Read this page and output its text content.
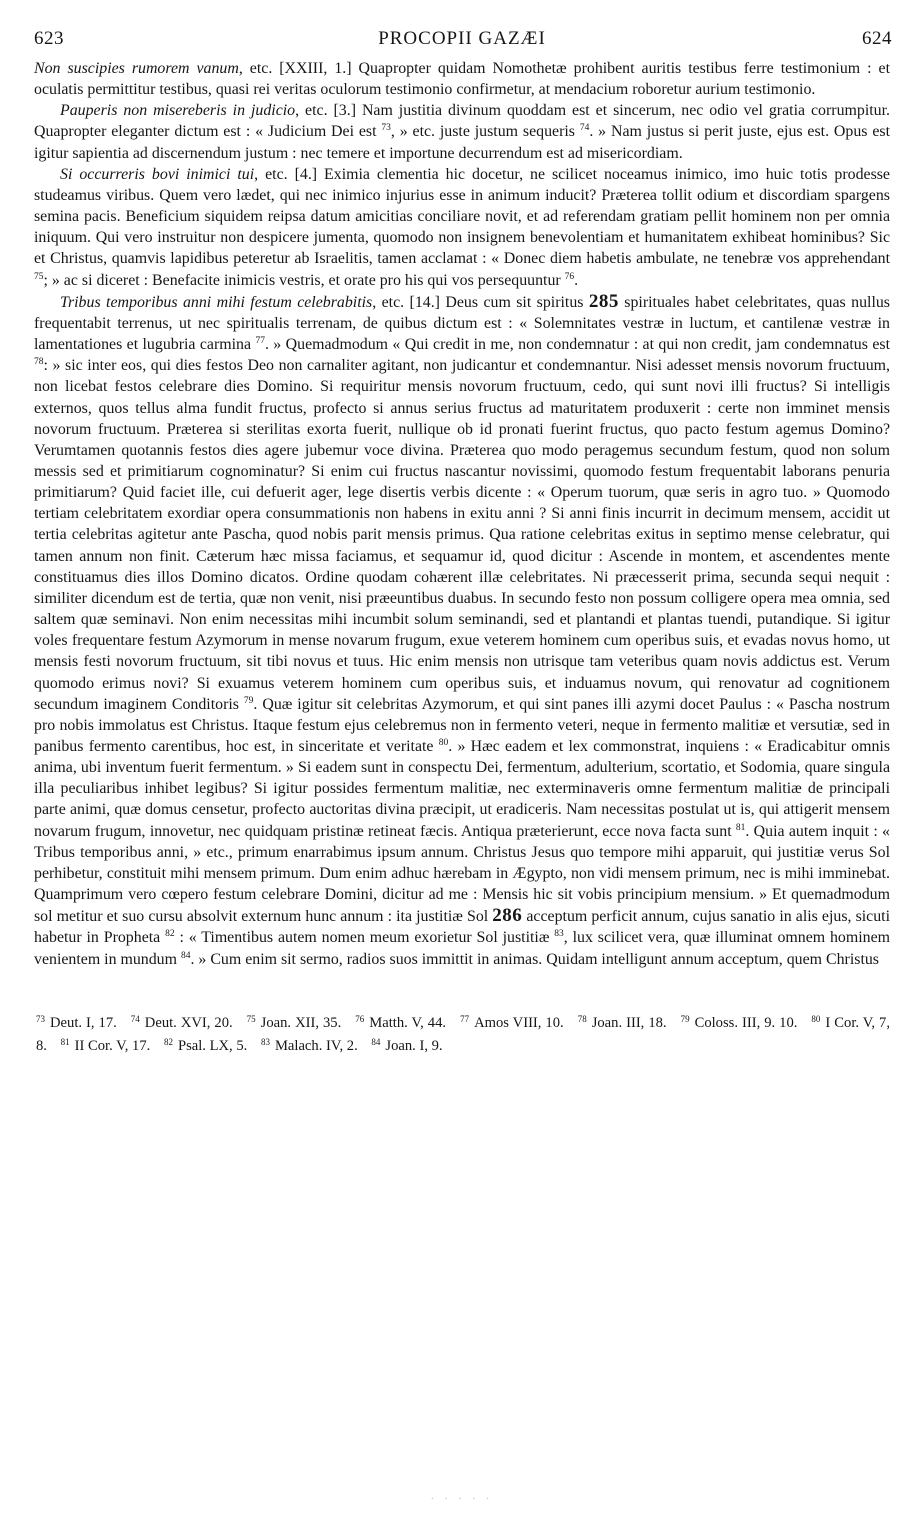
623	PROCOPII GAZÆI	624

Non suscipies rumorem vanum, etc. [XXIII, 1.] Quapropter quidam Nomothetæ prohibent auritis testibus ferre testimonium : et oculatis permittitur testibus, quasi rei veritas oculorum testimonio confirmetur, at mendacium roboretur aurium testimonio.

Pauperis non misereberis in judicio, etc. [3.] Nam justitia divinum quoddam est et sincerum, nec odio vel gratia corrumpitur. Quapropter eleganter dictum est : « Judicium Dei est $^{73}$, » etc. juste justum sequeris $^{74}$. » Nam justus si perit juste, ejus est. Opus est igitur sapientia ad discernendum justum : nec temere et importune decurrendum est ad misericordiam.

Si occurreris bovi inimici tui, etc. [4.] Eximia clementia hic docetur, ne scilicet noceamus inimico, imo huic totis prodesse studeamus viribus. Quem vero lædet, qui nec inimico injurius esse in animum inducit? Præterea tollit odium et discordiam spargens semina pacis. Beneficium siquidem reipsa datum amicitias conciliare novit, et ad referendam gratiam pellit hominem non per omnia iniquum. Qui vero instruitur non despicere jumenta, quomodo non insignem benevolentiam et humanitatem exhibeat hominibus? Sic et Christus, quamvis lapidibus peteretur ab Israelitis, tamen acclamat : « Donec diem habetis ambulate, ne tenebræ vos apprehendant $^{75}$; » ac si diceret : Benefacite inimicis vestris, et orate pro his qui vos persequuntur $^{76}$.

Tribus temporibus anni mihi festum celebrabitis, etc. [14.] Deus cum sit spiritus 285 spirituales habet celebritates, quas nullus frequentabit terrenus, ut nec spiritualis terrenam, de quibus dictum est : « Solemnitates vestræ in luctum, et cantilenæ vestræ in lamentationes et lugubria carmina $^{77}$. » Quemadmodum « Qui credit in me, non condemnatur : at qui non credit, jam condemnatus est $^{78}$: » sic inter eos, qui dies festos Deo non carnaliter agitant, non judicantur et condemnantur. Nisi adesset mensis novorum fructuum, non licebat festos celebrare dies Domino. Si requiritur mensis novorum fructuum, cedo, qui sunt novi illi fructus? Si intelligis externos, quos tellus alma fundit fructus, profecto si annus serius fructus ad maturitatem produxerit : certe non imminet mensis novorum fructuum. Præterea si sterilitas exorta fuerit, nullique ob id pronati fuerint fructus, quo pacto festum agemus Domino? Verumtamen quotannis festos dies agere jubemur voce divina. Præterea quo modo peragemus secundum festum, quod non solum messis sed et primitiarum cognominatur? Si enim cui fructus nascantur novissimi, quomodo festum frequentabit laborans penuria primitiarum? Quid faciet ille, cui defuerit ager, lege disertis verbis dicente : « Operum tuorum, quæ seris in agro tuo. » Quomodo tertiam celebritatem exordiar opera consummationis non habens in exitu anni ? Si anni finis incurrit in decimum mensem, accidit ut tertia celebritas agitetur ante Pascha, quod nobis parit mensis primus. Qua ratione celebritas exitus in septimo mense celebratur, qui tamen annum non finit. Cæterum hæc missa faciamus, et sequamur id, quod dicitur : Ascende in montem, et ascendentes mente constituamus dies illos Domino dicatos. Ordine quodam cohærent illæ celebritates. Ni præcesserit prima, secunda sequi nequit : similiter dicendum est de tertia, quæ non venit, nisi præeuntibus duabus. In secundo festo non possum colligere opera mea omnia, sed saltem quæ seminavi. Non enim necessitas mihi incumbit solum seminandi, sed et plantandi et plantas tuendi, putandique. Si igitur voles frequentare festum Azymorum in mense novarum frugum, exue veterem hominem cum operibus suis, et evadas novus homo, ut mensis festi novorum fructuum, sit tibi novus et tuus. Hic enim mensis non utrisque tam veteribus quam novis addictus est. Verum quomodo erimus novi? Si exuamus veterem hominem cum operibus suis, et induamus novum, qui renovatur ad cognitionem secundum imaginem Conditoris $^{79}$. Quæ igitur sit celebritas Azymorum, et qui sint panes illi azymi docet Paulus : « Pascha nostrum pro nobis immolatus est Christus. Itaque festum ejus celebremus non in fermento veteri, neque in fermento malitiæ et versutiæ, sed in panibus fermento carentibus, hoc est, in sinceritate et veritate $^{80}$. » Hæc eadem et lex commonstrat, inquiens : « Eradicabitur omnis anima, ubi inventum fuerit fermentum. » Si eadem sunt in conspectu Dei, fermentum, adulterium, scortatio, et Sodomia, quare singula illa peculiaribus inhibet legibus? Si igitur possides fermentum malitiæ, nec exterminaveris omne fermentum malitiæ de principali parte animi, quæ domus censetur, profecto auctoritas divina præcipit, ut eradiceris. Nam necessitas postulat ut is, qui attigerit mensem novarum frugum, innovetur, nec quidquam pristinæ retineat fæcis. Antiqua præterierunt, ecce nova facta sunt $^{81}$. Quia autem inquit : « Tribus temporibus anni, » etc., primum enarrabimus ipsum annum. Christus Jesus quo tempore mihi apparuit, qui justitiæ verus Sol perhibetur, constituit mihi mensem primum. Dum enim adhuc hærebam in Ægypto, non vidi mensem primum, nec is mihi imminebat. Quamprimum vero cœpero festum celebrare Domini, dicitur ad me : Mensis hic sit vobis principium mensium. » Et quemadmodum sol metitur et suo cursu absolvit externum hunc annum : ita justitiæ Sol 286 acceptum perficit annum, cujus sanatio in alis ejus, sicuti habetur in Propheta $^{82}$ : « Timentibus autem nomen meum exorietur Sol justitiæ $^{83}$, lux scilicet vera, quæ illuminat omnem hominem venientem in mundum $^{84}$. » Cum enim sit sermo, radios suos immittit in animas. Quidam intelligunt annum acceptum, quem Christus

$^{73}$ Deut. I, 17. $^{74}$ Deut. XVI, 20. $^{75}$ Joan. XII, 35. $^{76}$ Matth. V, 44. $^{77}$ Amos VIII, 10. $^{78}$ Joan. III, 18. $^{79}$ Coloss. III, 9. 10. $^{80}$ I Cor. V, 7, 8. $^{81}$ II Cor. V, 17. $^{82}$ Psal. LX, 5. $^{83}$ Malach. IV, 2. $^{84}$ Joan. I, 9.
· · · · ·
